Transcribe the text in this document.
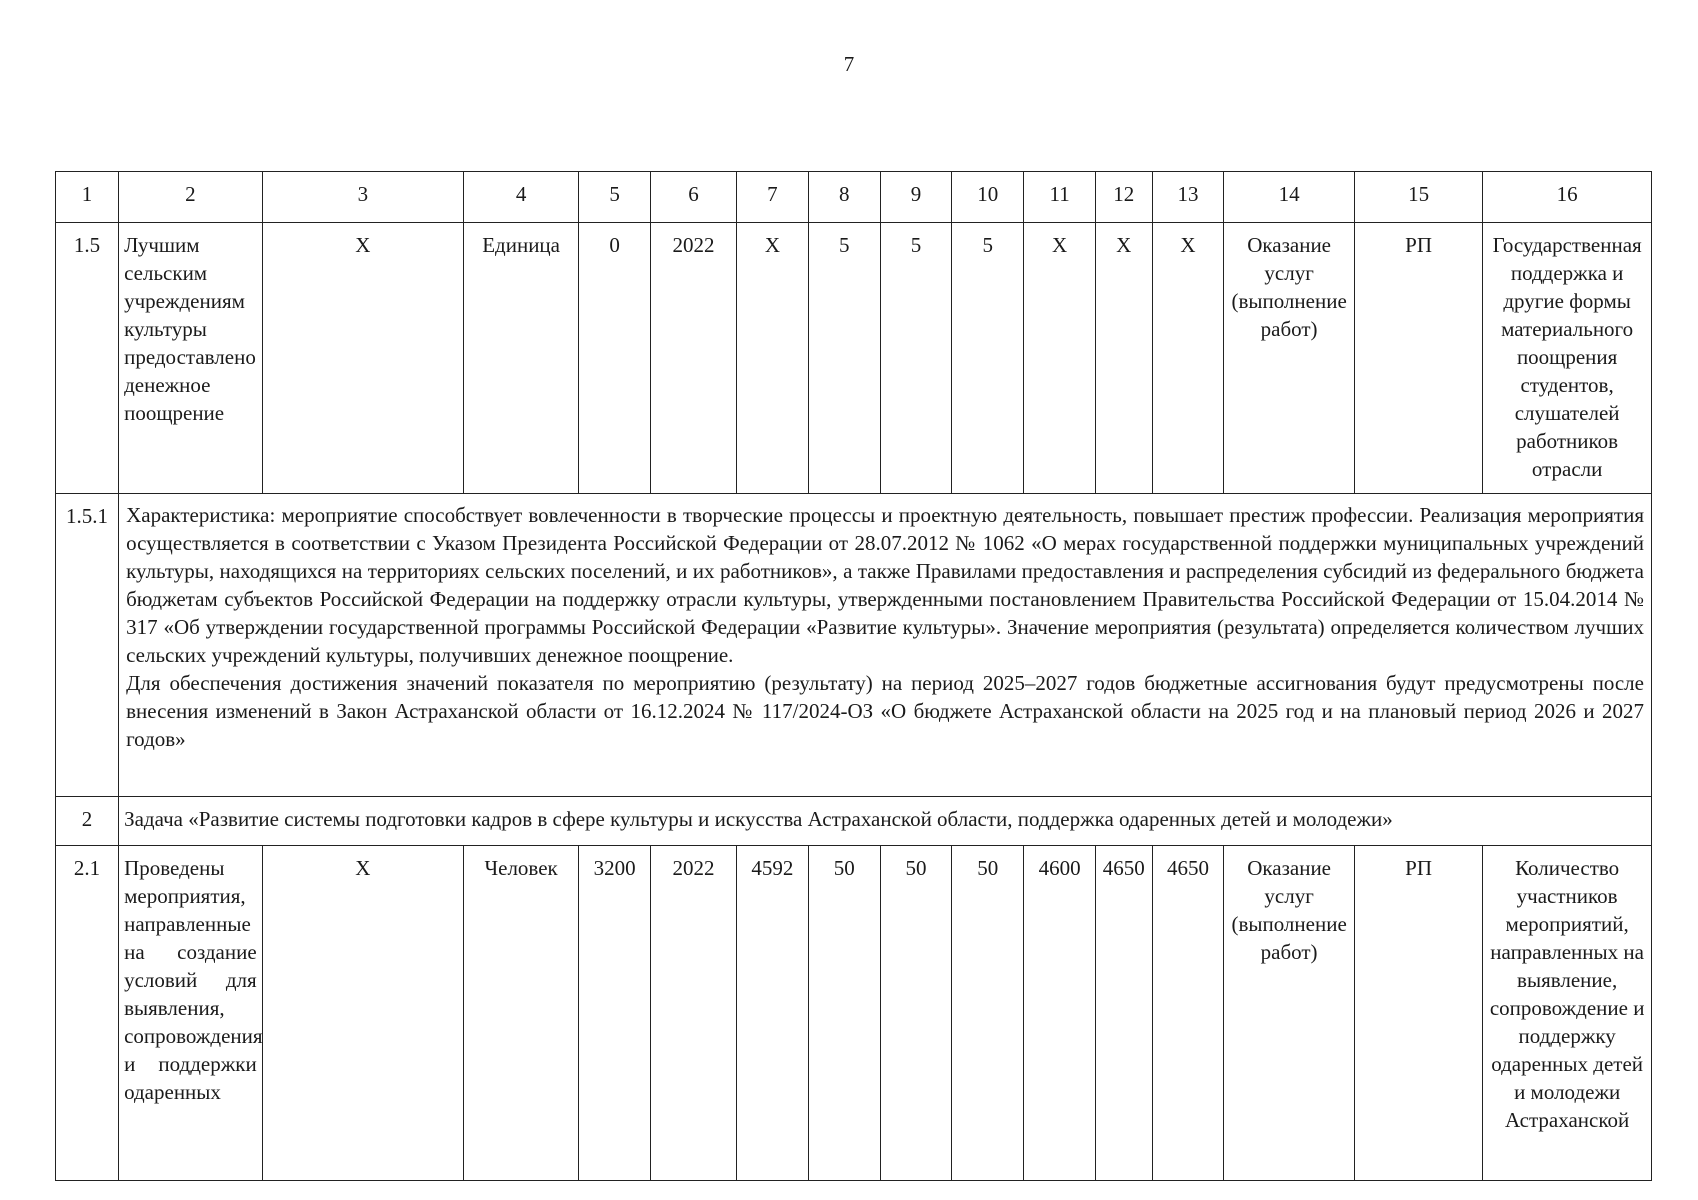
7
1	2	3	4	5	6	7	8	9	10	11	12	13	14	15	16
1.5	Лучшим сельским учреждениям культуры предоставлено денежное поощрение	X	Единица	0	2022	X	5	5	5	X	X	X	Оказание услуг (выполнение работ)	РП	Государственная поддержка и другие формы материального поощрения студентов, слушателей работников отрасли
1.5.1	Характеристика: мероприятие способствует вовлеченности в творческие процессы и проектную деятельность, повышает престиж профессии. Реализация мероприятия осуществляется в соответствии с Указом Президента Российской Федерации от 28.07.2012 № 1062 «О мерах государственной поддержки муниципальных учреждений культуры, находящихся на территориях сельских поселений, и их работников», а также Правилами предоставления и распределения субсидий из федерального бюджета бюджетам субъектов Российской Федерации на поддержку отрасли культуры, утвержденными постановлением Правительства Российской Федерации от 15.04.2014 № 317 «Об утверждении государственной программы Российской Федерации «Развитие культуры». Значение мероприятия (результата) определяется количеством лучших сельских учреждений культуры, получивших денежное поощрение.
Для обеспечения достижения значений показателя по мероприятию (результату) на период 2025–2027 годов бюджетные ассигнования будут предусмотрены после внесения изменений в Закон Астраханской области от 16.12.2024 № 117/2024-ОЗ «О бюджете Астраханской области на 2025 год и на плановый период 2026 и 2027 годов»														

2	Задача «Развитие системы подготовки кадров в сфере культуры и искусства Астраханской области, поддержка одаренных детей и молодежи»														
2.1	Проведены мероприятия, направленные на создание условий для выявления, сопровождения и поддержки одаренных	X	Человек	3200	2022	4592	50	50	50	4600	4650	4650	Оказание услуг (выполнение работ)	РП	Количество участников мероприятий, направленных на выявление, сопровождение и поддержку одаренных детей и молодежи Астраханской
